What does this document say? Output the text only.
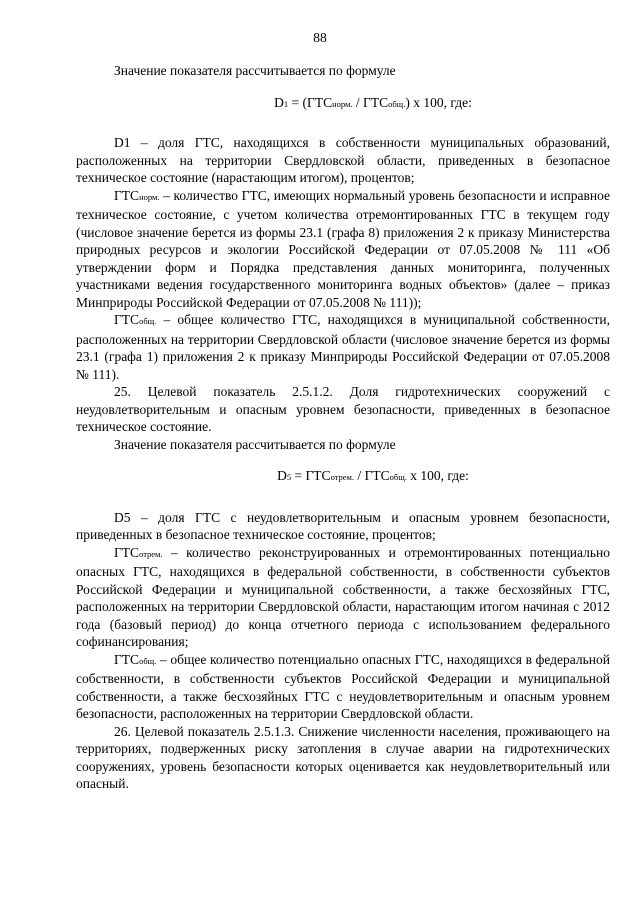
88

Значение показателя рассчитывается по формуле

D1 = (ГТСнорм. / ГТСобщ.) х 100, где:

D1 – доля ГТС, находящихся в собственности муниципальных образований, расположенных на территории Свердловской области, приведенных в безопасное техническое состояние (нарастающим итогом), процентов;

ГТСнорм. – количество ГТС, имеющих нормальный уровень безопасности и исправное техническое состояние, с учетом количества отремонтированных ГТС в текущем году (числовое значение берется из формы 23.1 (графа 8) приложения 2 к приказу Министерства природных ресурсов и экологии Российской Федерации от 07.05.2008 № 111 «Об утверждении форм и Порядка представления данных мониторинга, полученных участниками ведения государственного мониторинга водных объектов» (далее – приказ Минприроды Российской Федерации от 07.05.2008 № 111));

ГТСобщ. – общее количество ГТС, находящихся в муниципальной собственности, расположенных на территории Свердловской области (числовое значение берется из формы 23.1 (графа 1) приложения 2 к приказу Минприроды Российской Федерации от 07.05.2008 № 111).

25. Целевой показатель 2.5.1.2. Доля гидротехнических сооружений с неудовлетворительным и опасным уровнем безопасности, приведенных в безопасное техническое состояние.

Значение показателя рассчитывается по формуле

D5 = ГТСотрем. / ГТСобщ. х 100, где:

D5 – доля ГТС с неудовлетворительным и опасным уровнем безопасности, приведенных в безопасное техническое состояние, процентов;

ГТСотрем. – количество реконструированных и отремонтированных потенциально опасных ГТС, находящихся в федеральной собственности, в собственности субъектов Российской Федерации и муниципальной собственности, а также бесхозяйных ГТС, расположенных на территории Свердловской области, нарастающим итогом начиная с 2012 года (базовый период) до конца отчетного периода с использованием федерального софинансирования;

ГТСобщ. – общее количество потенциально опасных ГТС, находящихся в федеральной собственности, в собственности субъектов Российской Федерации и муниципальной собственности, а также бесхозяйных ГТС с неудовлетворительным и опасным уровнем безопасности, расположенных на территории Свердловской области.

26. Целевой показатель 2.5.1.3. Снижение численности населения, проживающего на территориях, подверженных риску затопления в случае аварии на гидротехнических сооружениях, уровень безопасности которых оценивается как неудовлетворительный или опасный.
